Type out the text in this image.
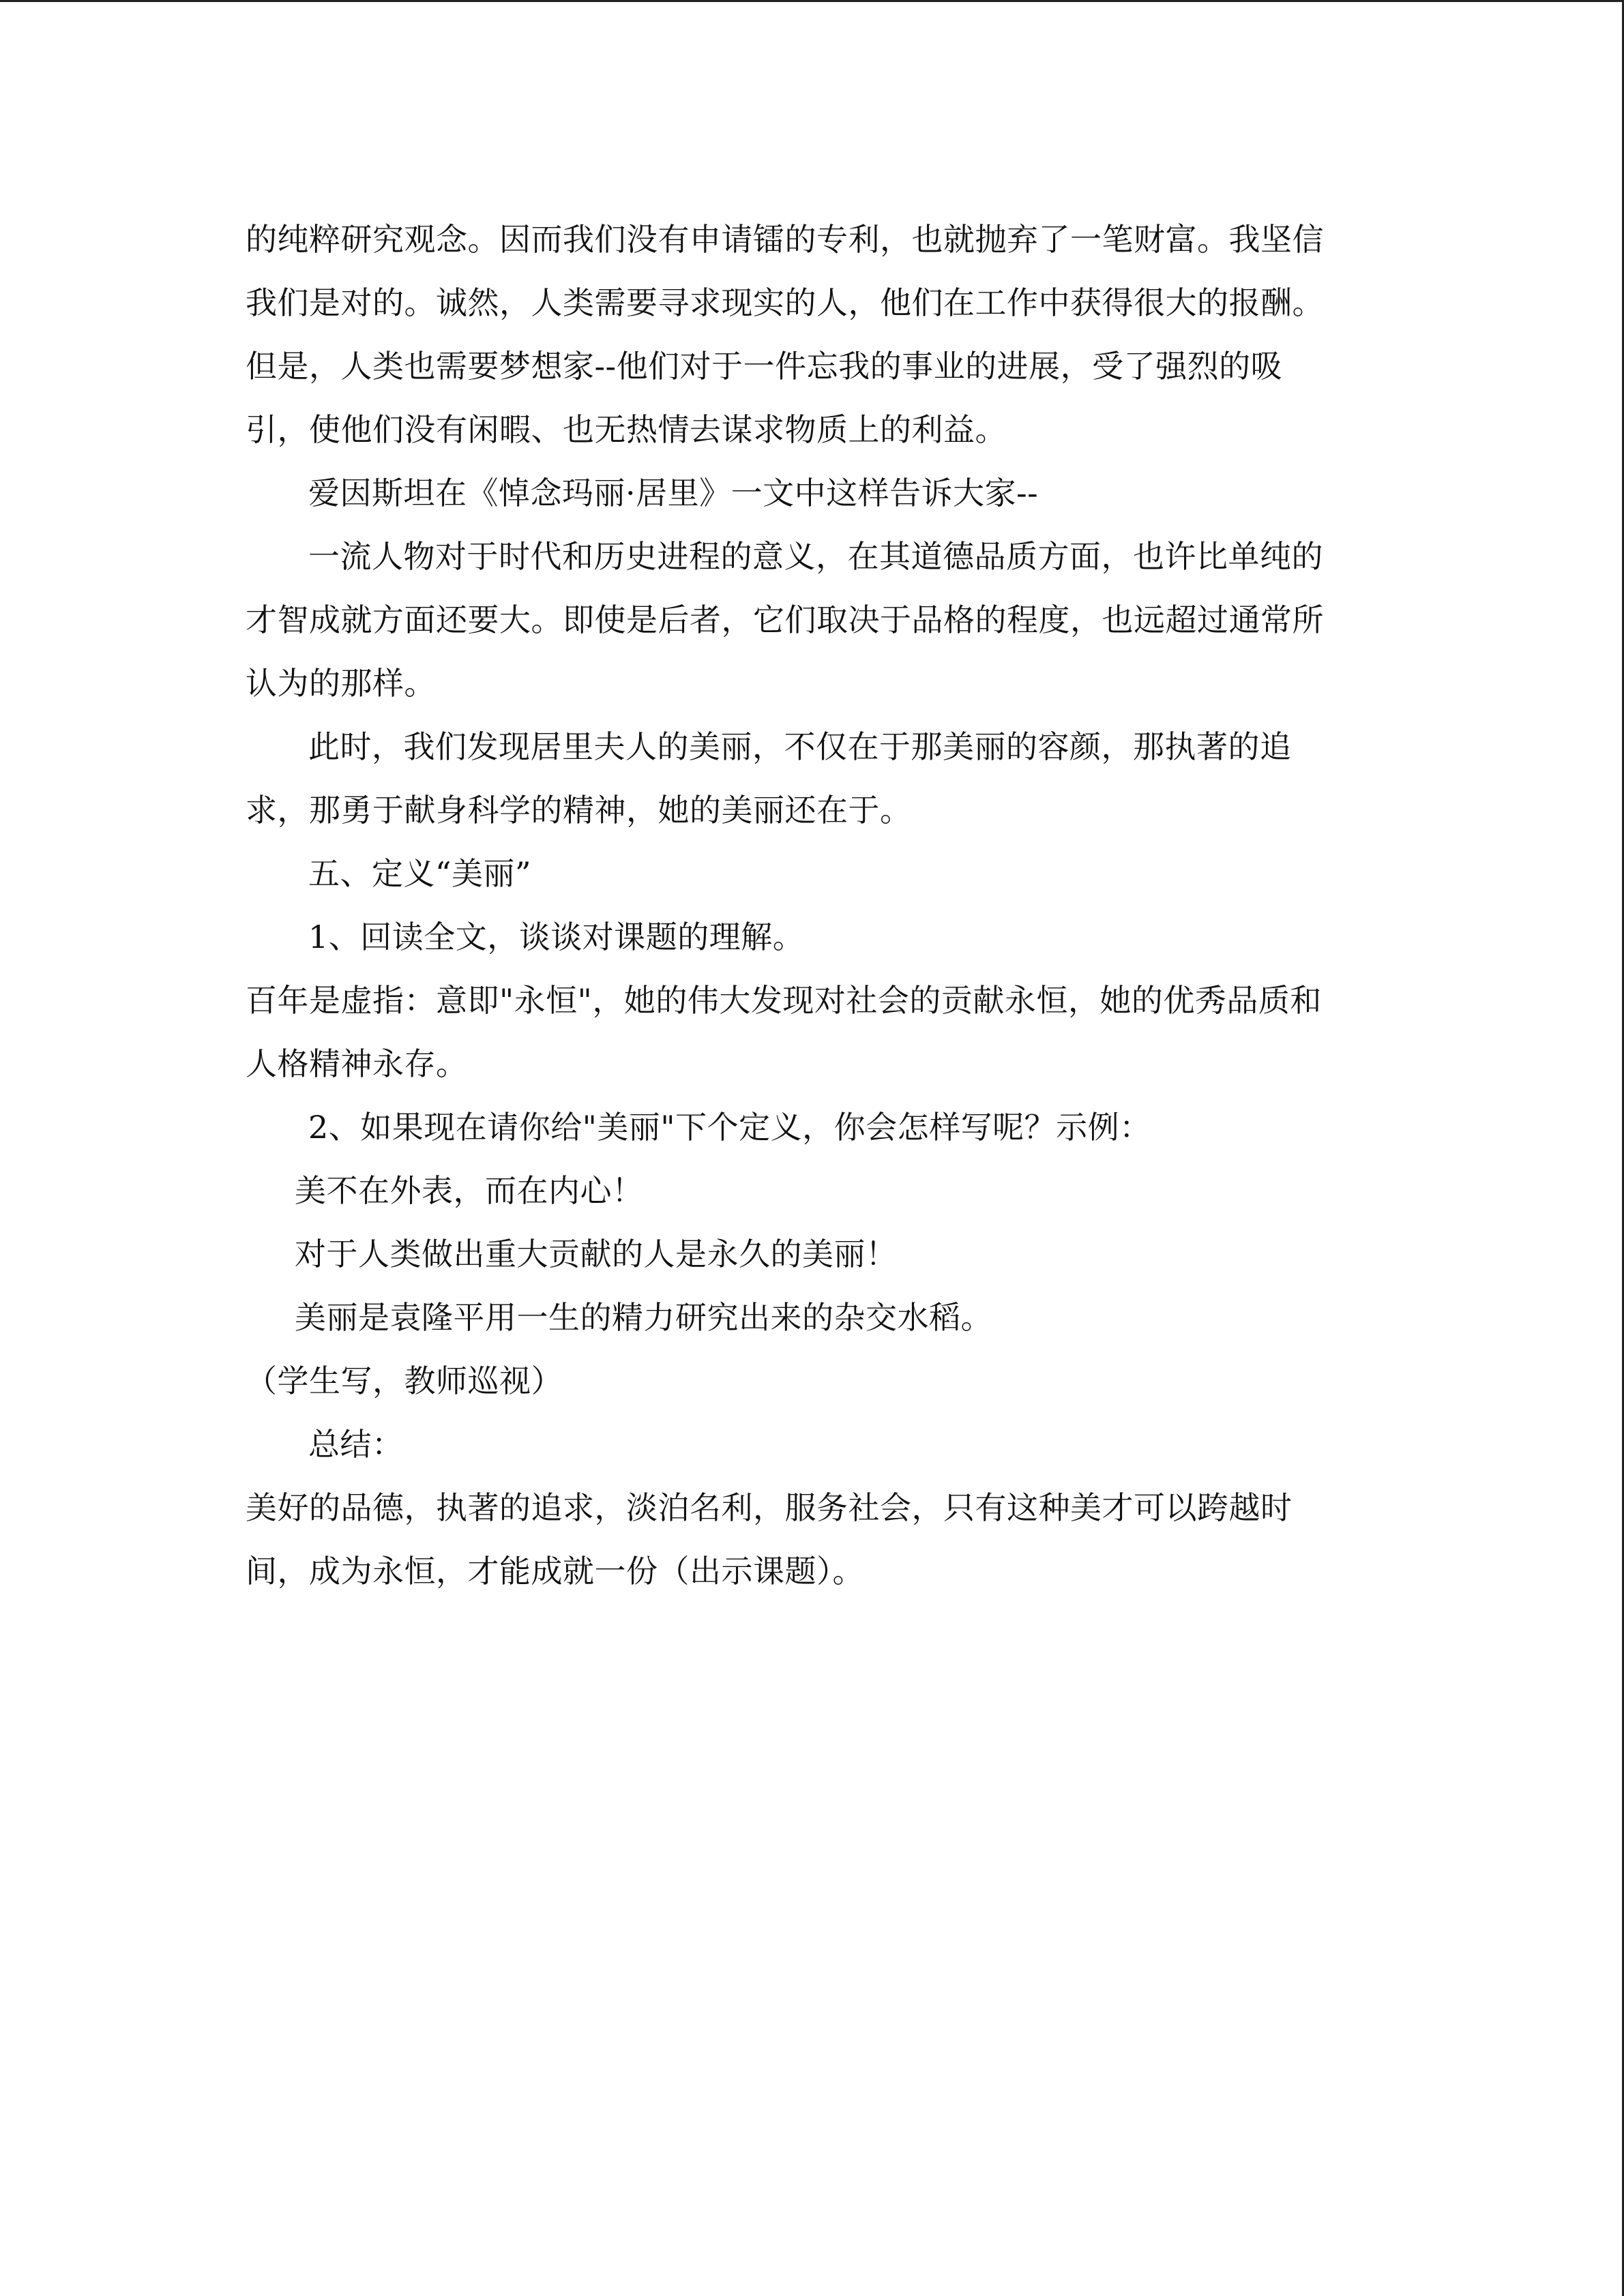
的纯粹研究观念。因而我们没有申请镭的专利，也就抛弃了一笔财富。我坚信
我们是对的。诚然，人类需要寻求现实的人，他们在工作中获得很大的报酬。
但是，人类也需要梦想家--他们对于一件忘我的事业的进展，受了强烈的吸
引，使他们没有闲暇、也无热情去谋求物质上的利益。
爱因斯坦在《悼念玛丽·居里》一文中这样告诉大家--
一流人物对于时代和历史进程的意义，在其道德品质方面，也许比单纯的
才智成就方面还要大。即使是后者，它们取决于品格的程度，也远超过通常所
认为的那样。
此时，我们发现居里夫人的美丽，不仅在于那美丽的容颜，那执著的追
求，那勇于献身科学的精神，她的美丽还在于。
五、定义“美丽”
1、回读全文，谈谈对课题的理解。
百年是虚指：意即"永恒"，她的伟大发现对社会的贡献永恒，她的优秀品质和
人格精神永存。
2、如果现在请你给"美丽"下个定义，你会怎样写呢？示例：
美不在外表，而在内心！
对于人类做出重大贡献的人是永久的美丽！
美丽是袁隆平用一生的精力研究出来的杂交水稻。
（学生写，教师巡视）
总结：
美好的品德，执著的追求，淡泊名利，服务社会，只有这种美才可以跨越时
间，成为永恒，才能成就一份（出示课题）。
